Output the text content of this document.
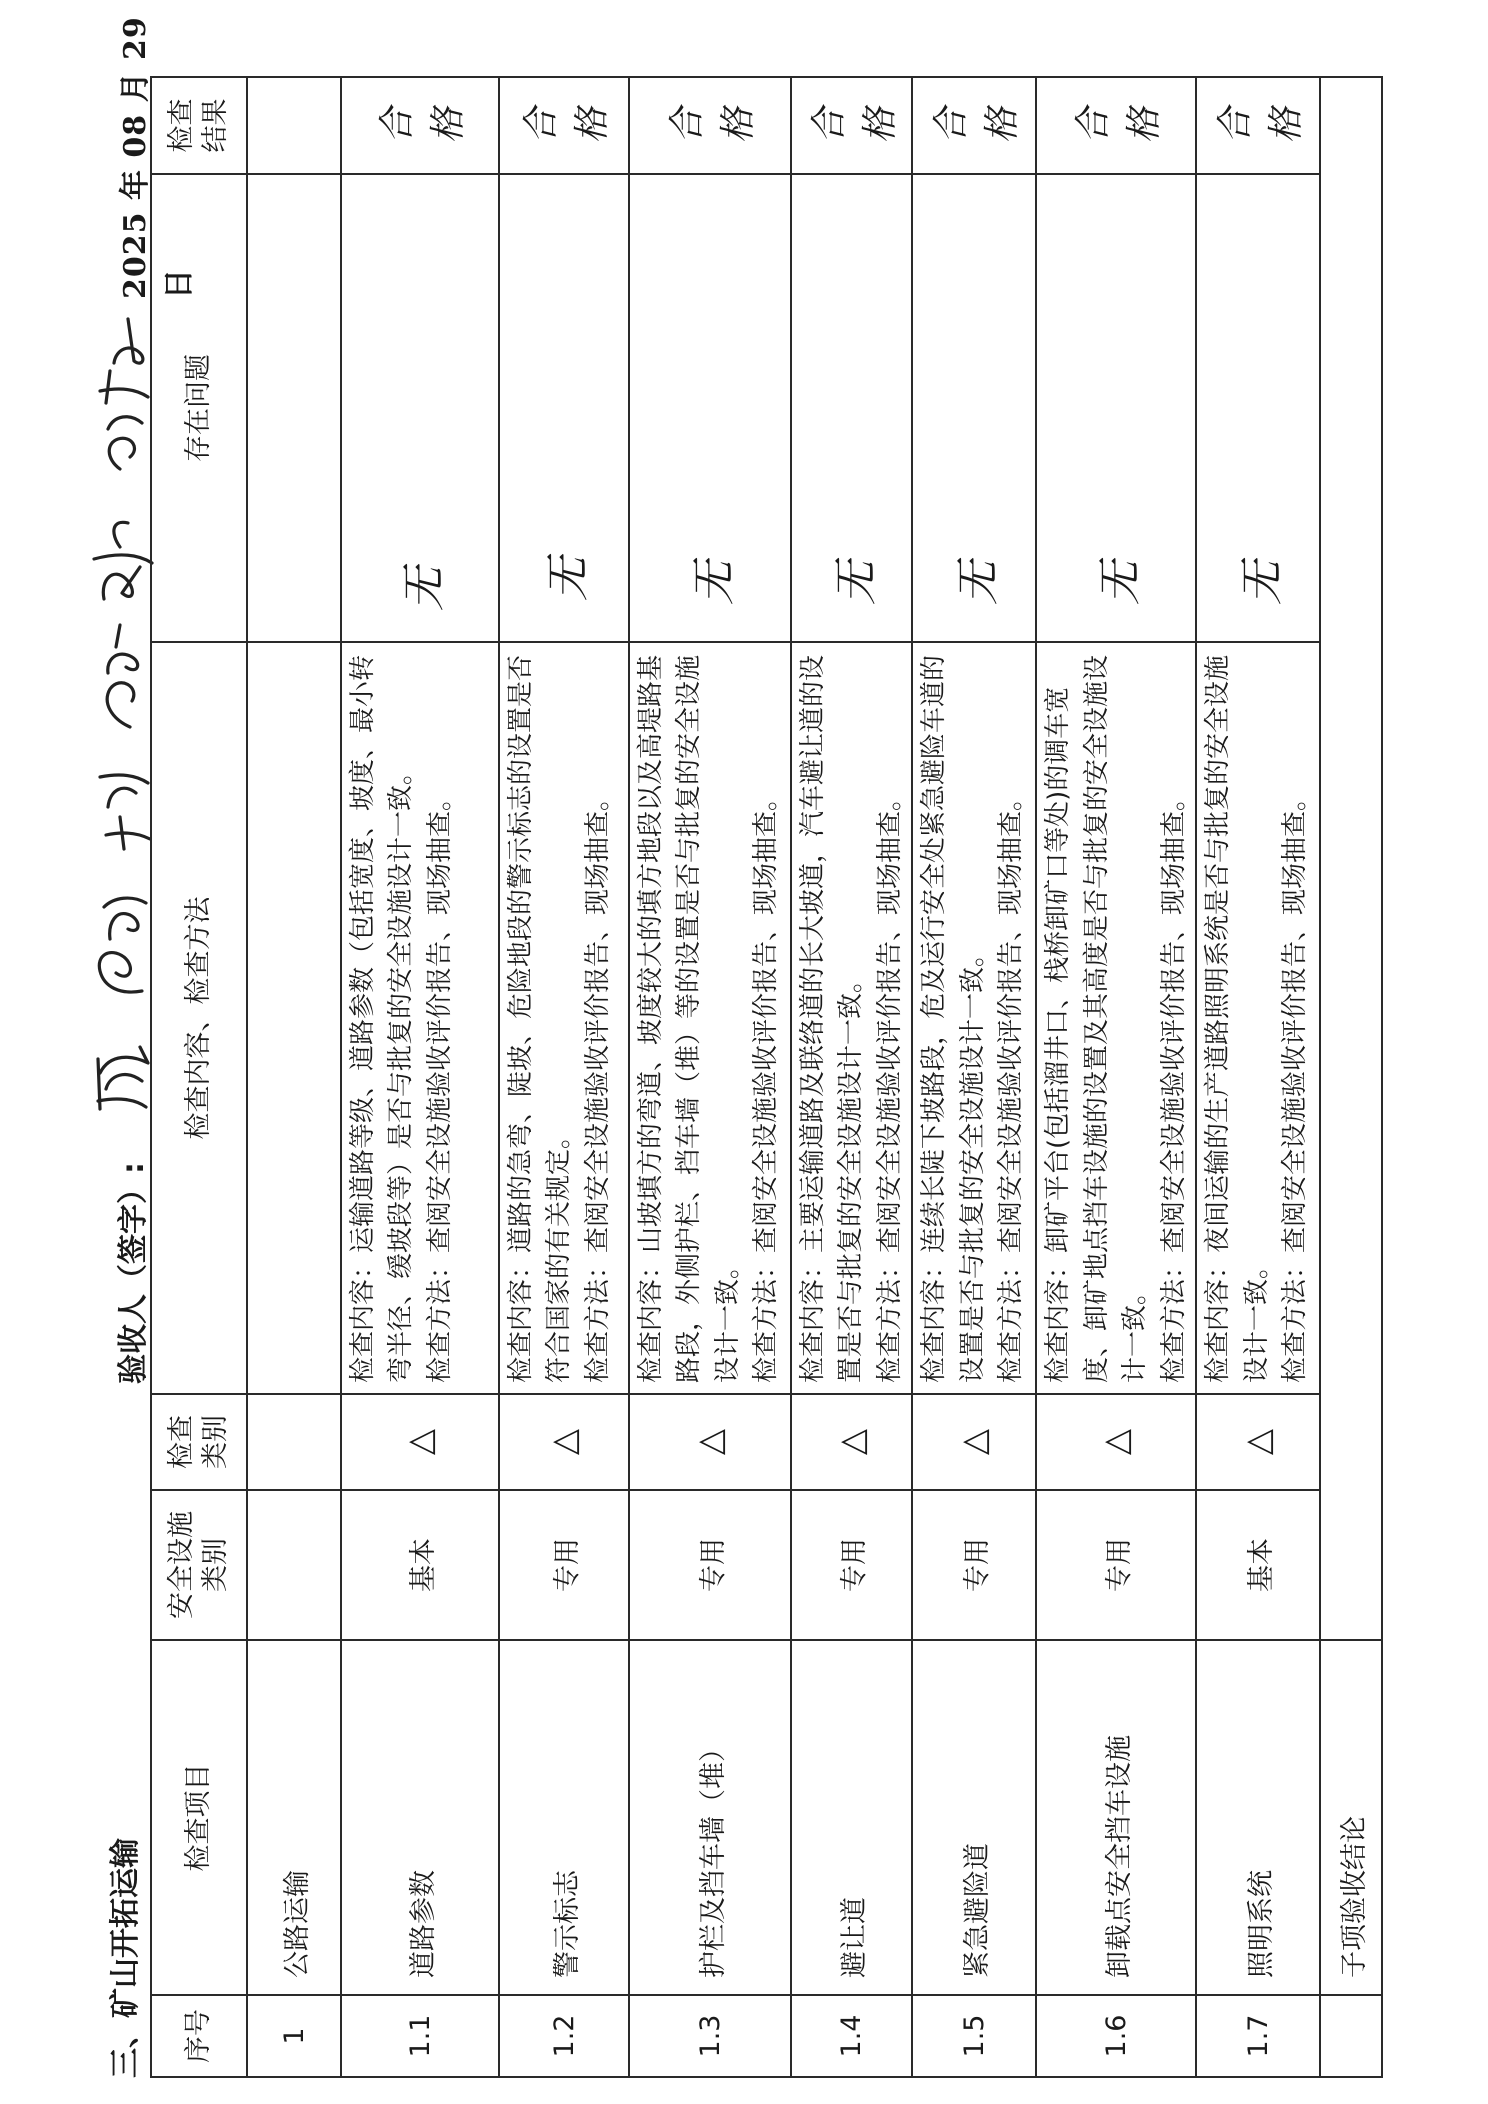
三、矿山开拓运输
验收人（签字）:
2025 年 08 月 29 日
序号	检查项目	安全设施类别	检查类别	检查内容、检查方法	存在问题	检查结果
1	公路运输					
1.1	道路参数	基本	△	检查内容：运输道路等级、道路参数（包括宽度、坡度、最小转弯半径、缓坡段等）是否与批复的安全设施设计一致。 检查方法：查阅安全设施验收评价报告、现场抽查。	无	合格
1.2	警示标志	专用	△	检查内容：道路的急弯、陡坡、危险地段的警示标志的设置是否符合国家的有关规定。 检查方法：查阅安全设施验收评价报告、现场抽查。	无	合格
1.3	护栏及挡车墙（堆）	专用	△	检查内容：山坡填方的弯道、坡度较大的填方地段以及高堤路基路段，外侧护栏、挡车墙（堆）等的设置是否与批复的安全设施设计一致。 检查方法：查阅安全设施验收评价报告、现场抽查。	无	合格
1.4	避让道	专用	△	检查内容：主要运输道路及联络道的长大坡道，汽车避让道的设置是否与批复的安全设施设计一致。 检查方法：查阅安全设施验收评价报告、现场抽查。	无	合格
1.5	紧急避险道	专用	△	检查内容：连续长陡下坡路段，危及运行安全处紧急避险车道的设置是否与批复的安全设施设计一致。 检查方法：查阅安全设施验收评价报告、现场抽查。	无	合格
1.6	卸载点安全挡车设施	专用	△	检查内容：卸矿平台(包括溜井口、栈桥卸矿口等处)的调车宽度、卸矿地点挡车设施的设置及其高度是否与批复的安全设施设计一致。 检查方法：查阅安全设施验收评价报告、现场抽查。	无	合格
1.7	照明系统	基本	△	检查内容：夜间运输的生产道路照明系统是否与批复的安全设施设计一致。 检查方法：查阅安全设施验收评价报告、现场抽查。	无	合格
	子项验收结论					
